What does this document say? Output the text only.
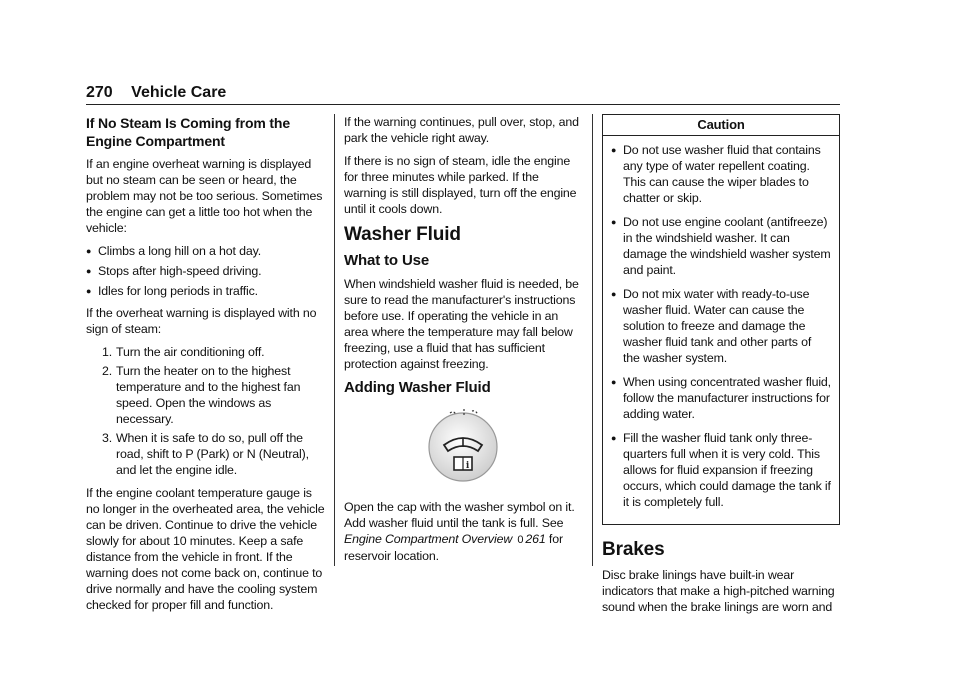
270 Vehicle Care
If No Steam Is Coming from the Engine Compartment

If an engine overheat warning is displayed but no steam can be seen or heard, the problem may not be too serious. Sometimes the engine can get a little too hot when the vehicle:

● Climbs a long hill on a hot day.
● Stops after high-speed driving.
● Idles for long periods in traffic.

If the overheat warning is displayed with no sign of steam:

1. Turn the air conditioning off.
2. Turn the heater on to the highest temperature and to the highest fan speed. Open the windows as necessary.
3. When it is safe to do so, pull off the road, shift to P (Park) or N (Neutral), and let the engine idle.

If the engine coolant temperature gauge is no longer in the overheated area, the vehicle can be driven. Continue to drive the vehicle slowly for about 10 minutes. Keep a safe distance from the vehicle in front. If the warning does not come back on, continue to drive normally and have the cooling system checked for proper fill and function.

If the warning continues, pull over, stop, and park the vehicle right away.

If there is no sign of steam, idle the engine for three minutes while parked. If the warning is still displayed, turn off the engine until it cools down.

Washer Fluid
What to Use

When windshield washer fluid is needed, be sure to read the manufacturer's instructions before use. If operating the vehicle in an area where the temperature may fall below freezing, use a fluid that has sufficient protection against freezing.

Adding Washer Fluid
i

Open the cap with the washer symbol on it. Add washer fluid until the tank is full. See Engine Compartment Overview 0 261 for reservoir location.

Caution
● Do not use washer fluid that contains any type of water repellent coating. This can cause the wiper blades to chatter or skip.
● Do not use engine coolant (antifreeze) in the windshield washer. It can damage the windshield washer system and paint.
● Do not mix water with ready-to-use washer fluid. Water can cause the solution to freeze and damage the washer fluid tank and other parts of the washer system.
● When using concentrated washer fluid, follow the manufacturer instructions for adding water.
● Fill the washer fluid tank only three-quarters full when it is very cold. This allows for fluid expansion if freezing occurs, which could damage the tank if it is completely full.
Brakes

Disc brake linings have built-in wear indicators that make a high-pitched warning sound when the brake linings are worn and
